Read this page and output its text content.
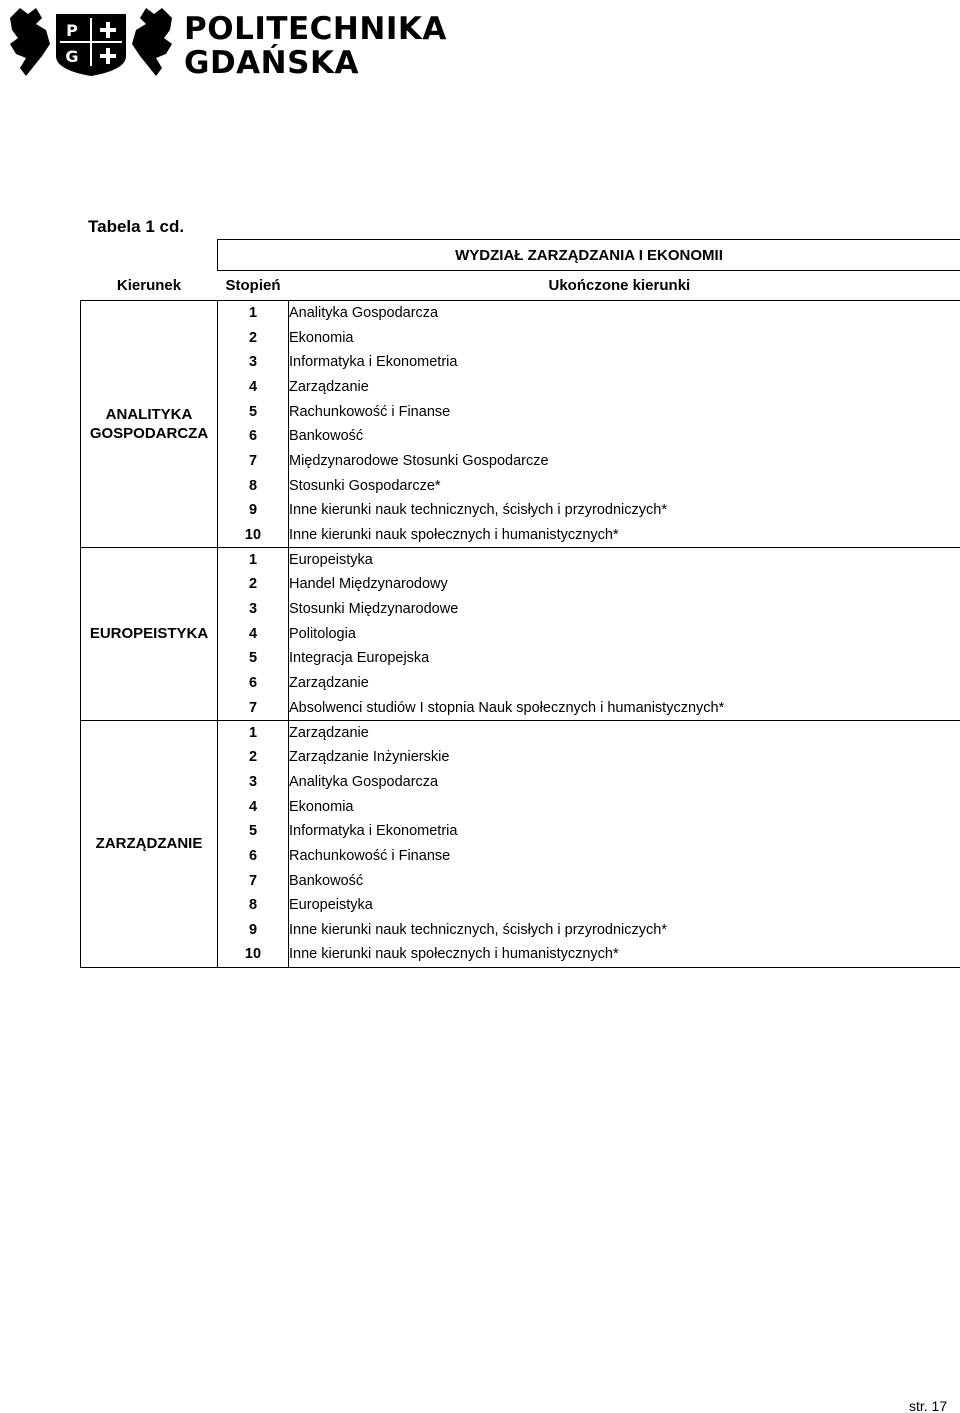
P
G
POLITECHNIKA
GDAŃSKA
Tabela 1 cd.
	WYDZIAŁ ZARZĄDZANIA I EKONOMII	
Kierunek	Stopień	Ukończone kierunki
ANALITYKA GOSPODARCZA	1	Analityka Gospodarcza
	2	Ekonomia
	3	Informatyka i Ekonometria
	4	Zarządzanie
	5	Rachunkowość i Finanse
	6	Bankowość
	7	Międzynarodowe Stosunki Gospodarcze
	8	Stosunki Gospodarcze*
	9	Inne kierunki nauk technicznych, ścisłych i przyrodniczych*
	10	Inne kierunki nauk społecznych i humanistycznych*
EUROPEISTYKA	1	Europeistyka
	2	Handel Międzynarodowy
	3	Stosunki Międzynarodowe
	4	Politologia
	5	Integracja Europejska
	6	Zarządzanie
	7	Absolwenci studiów I stopnia Nauk społecznych i humanistycznych*
ZARZĄDZANIE	1	Zarządzanie
	2	Zarządzanie Inżynierskie
	3	Analityka Gospodarcza
	4	Ekonomia
	5	Informatyka i Ekonometria
	6	Rachunkowość i Finanse
	7	Bankowość
	8	Europeistyka
	9	Inne kierunki nauk technicznych, ścisłych i przyrodniczych*
	10	Inne kierunki nauk społecznych i humanistycznych*
str. 17
